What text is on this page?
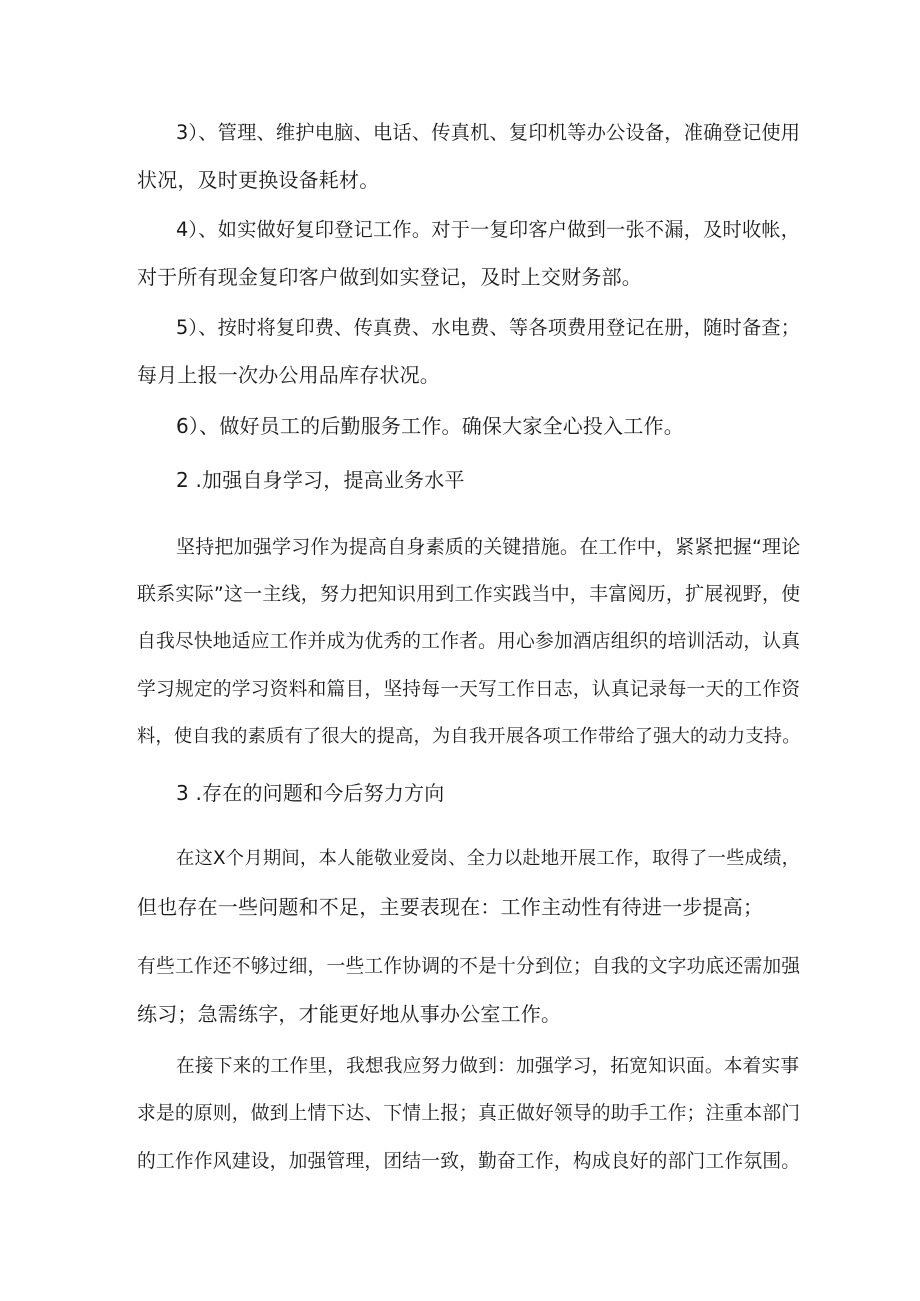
3）、管理、维护电脑、电话、传真机、复印机等办公设备，准确登记使用
状况，及时更换设备耗材。
4）、如实做好复印登记工作。对于一复印客户做到一张不漏，及时收帐，
对于所有现金复印客户做到如实登记，及时上交财务部。
5）、按时将复印费、传真费、水电费、等各项费用登记在册，随时备查；
每月上报一次办公用品库存状况。
6）、做好员工的后勤服务工作。确保大家全心投入工作。
2 .加强自身学习，提高业务水平
坚持把加强学习作为提高自身素质的关键措施。在工作中，紧紧把握“理论
联系实际”这一主线，努力把知识用到工作实践当中，丰富阅历，扩展视野，使
自我尽快地适应工作并成为优秀的工作者。用心参加酒店组织的培训活动，认真
学习规定的学习资料和篇目，坚持每一天写工作日志，认真记录每一天的工作资
料，使自我的素质有了很大的提高，为自我开展各项工作带给了强大的动力支持。
3 .存在的问题和今后努力方向
在这X个月期间，本人能敬业爱岗、全力以赴地开展工作，取得了一些成绩，
但也存在一些问题和不足，主要表现在：工作主动性有待进一步提高；
有些工作还不够过细，一些工作协调的不是十分到位；自我的文字功底还需加强
练习；急需练字，才能更好地从事办公室工作。
在接下来的工作里，我想我应努力做到：加强学习，拓宽知识面。本着实事
求是的原则，做到上情下达、下情上报；真正做好领导的助手工作；注重本部门
的工作作风建设，加强管理，团结一致，勤奋工作，构成良好的部门工作氛围。
